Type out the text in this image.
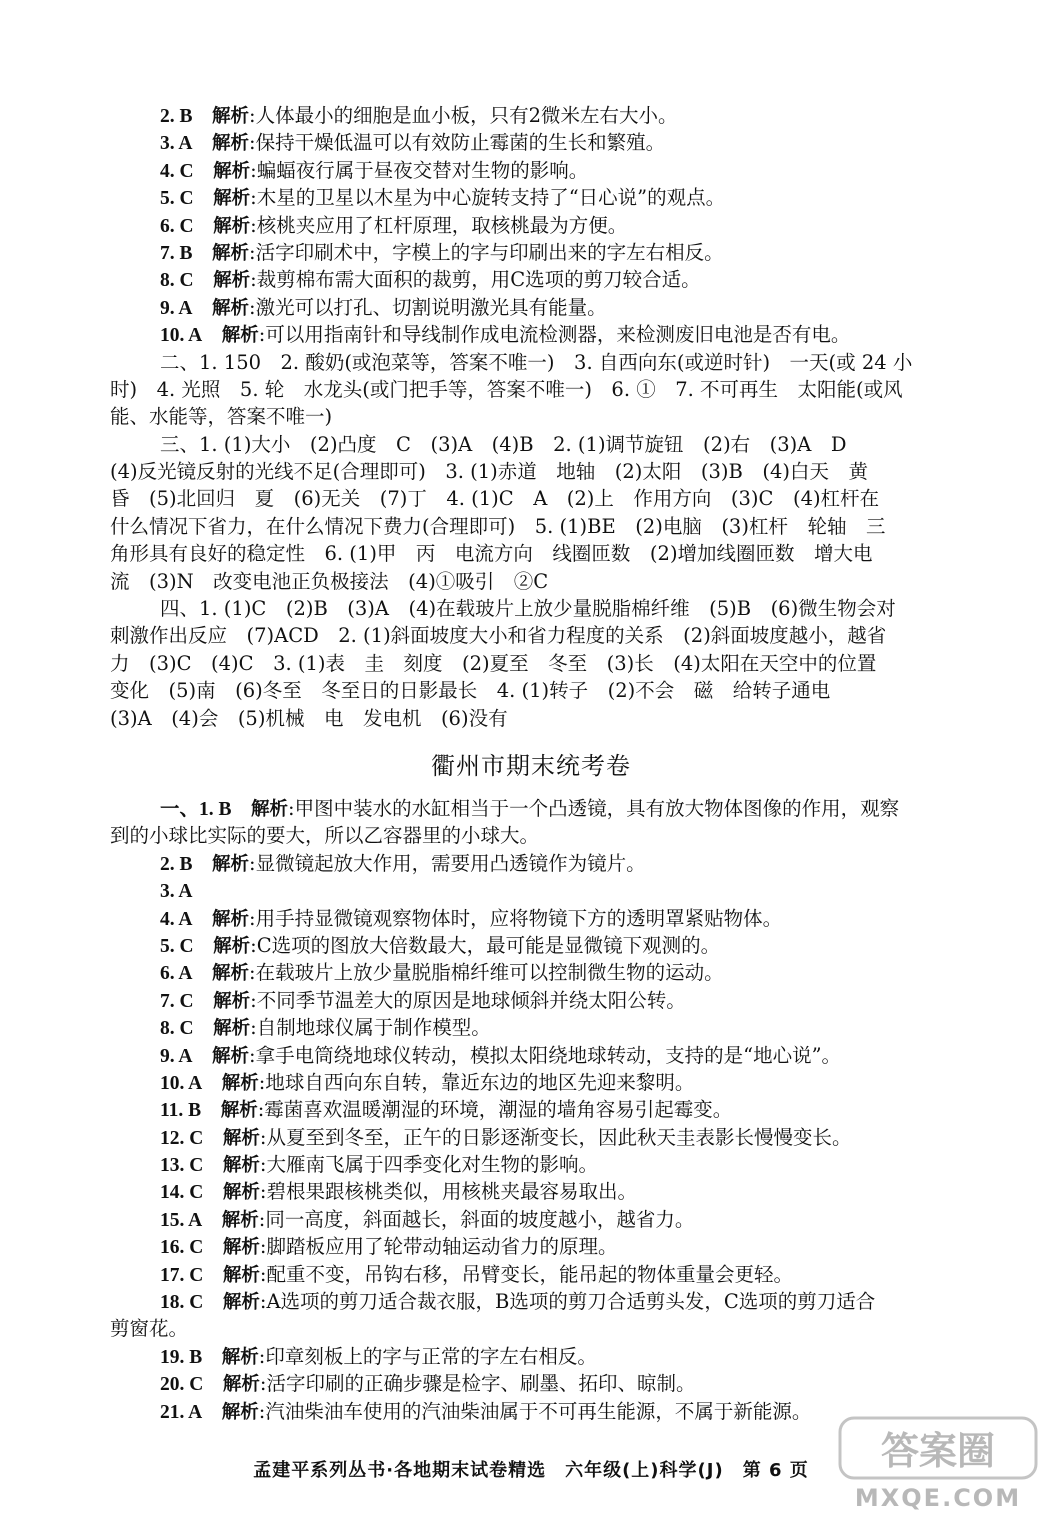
2. B　 解析:人体最小的细胞是血小板，只有2微米左右大小。
3. A　 解析:保持干燥低温可以有效防止霉菌的生长和繁殖。
4. C　 解析:蝙蝠夜行属于昼夜交替对生物的影响。
5. C　 解析:木星的卫星以木星为中心旋转支持了“日心说”的观点。
6. C　 解析:核桃夹应用了杠杆原理，取核桃最为方便。
7. B　 解析:活字印刷术中，字模上的字与印刷出来的字左右相反。
8. C　 解析:裁剪棉布需大面积的裁剪，用C选项的剪刀较合适。
9. A　 解析:激光可以打孔、切割说明激光具有能量。
10. A　 解析:可以用指南针和导线制作成电流检测器，来检测废旧电池是否有电。
二、1. 150　2. 酸奶(或泡菜等，答案不唯一)　3. 自西向东(或逆时针)　一天(或 24 小
时)　4. 光照　5. 轮　水龙头(或门把手等，答案不唯一)　6. ①　7. 不可再生　太阳能(或风
能、水能等，答案不唯一)
三、1. (1)大小　(2)凸度　C　(3)A　(4)B　2. (1)调节旋钮　(2)右　(3)A　D
(4)反光镜反射的光线不足(合理即可)　3. (1)赤道　地轴　(2)太阳　(3)B　(4)白天　黄
昏　(5)北回归　夏　(6)无关　(7)丁　4. (1)C　A　(2)上　作用方向　(3)C　(4)杠杆在
什么情况下省力，在什么情况下费力(合理即可)　5. (1)BE　(2)电脑　(3)杠杆　轮轴　三
角形具有良好的稳定性　6. (1)甲　丙　电流方向　线圈匝数　(2)增加线圈匝数　增大电
流　(3)N　改变电池正负极接法　(4)①吸引　②C
四、1. (1)C　(2)B　(3)A　(4)在载玻片上放少量脱脂棉纤维　(5)B　(6)微生物会对
刺激作出反应　(7)ACD　2. (1)斜面坡度大小和省力程度的关系　(2)斜面坡度越小，越省
力　(3)C　(4)C　3. (1)表　圭　刻度　(2)夏至　冬至　(3)长　(4)太阳在天空中的位置
变化　(5)南　(6)冬至　冬至日的日影最长　4. (1)转子　(2)不会　磁　给转子通电
(3)A　(4)会　(5)机械　电　发电机　(6)没有
衢州市期末统考卷
一、1. B　 解析:甲图中装水的水缸相当于一个凸透镜，具有放大物体图像的作用，观察
到的小球比实际的要大，所以乙容器里的小球大。
2. B　 解析:显微镜起放大作用，需要用凸透镜作为镜片。
3. A
4. A　 解析:用手持显微镜观察物体时，应将物镜下方的透明罩紧贴物体。
5. C　 解析:C选项的图放大倍数最大，最可能是显微镜下观测的。
6. A　 解析:在载玻片上放少量脱脂棉纤维可以控制微生物的运动。
7. C　 解析:不同季节温差大的原因是地球倾斜并绕太阳公转。
8. C　 解析:自制地球仪属于制作模型。
9. A　 解析:拿手电筒绕地球仪转动，模拟太阳绕地球转动，支持的是“地心说”。
10. A　 解析:地球自西向东自转，靠近东边的地区先迎来黎明。
11. B　 解析:霉菌喜欢温暖潮湿的环境，潮湿的墙角容易引起霉变。
12. C　 解析:从夏至到冬至，正午的日影逐渐变长，因此秋天圭表影长慢慢变长。
13. C　 解析:大雁南飞属于四季变化对生物的影响。
14. C　 解析:碧根果跟核桃类似，用核桃夹最容易取出。
15. A　 解析:同一高度，斜面越长，斜面的坡度越小，越省力。
16. C　 解析:脚踏板应用了轮带动轴运动省力的原理。
17. C　 解析:配重不变，吊钩右移，吊臂变长，能吊起的物体重量会更轻。
18. C　 解析:A选项的剪刀适合裁衣服，B选项的剪刀合适剪头发，C选项的剪刀适合
剪窗花。
19. B　 解析:印章刻板上的字与正常的字左右相反。
20. C　 解析:活字印刷的正确步骤是检字、刷墨、拓印、晾制。
21. A　 解析:汽油柴油车使用的汽油柴油属于不可再生能源，不属于新能源。
孟建平系列丛书·各地期末试卷精选　六年级(上)科学(J)　第 6 页	答案圈
MXQE.COM
